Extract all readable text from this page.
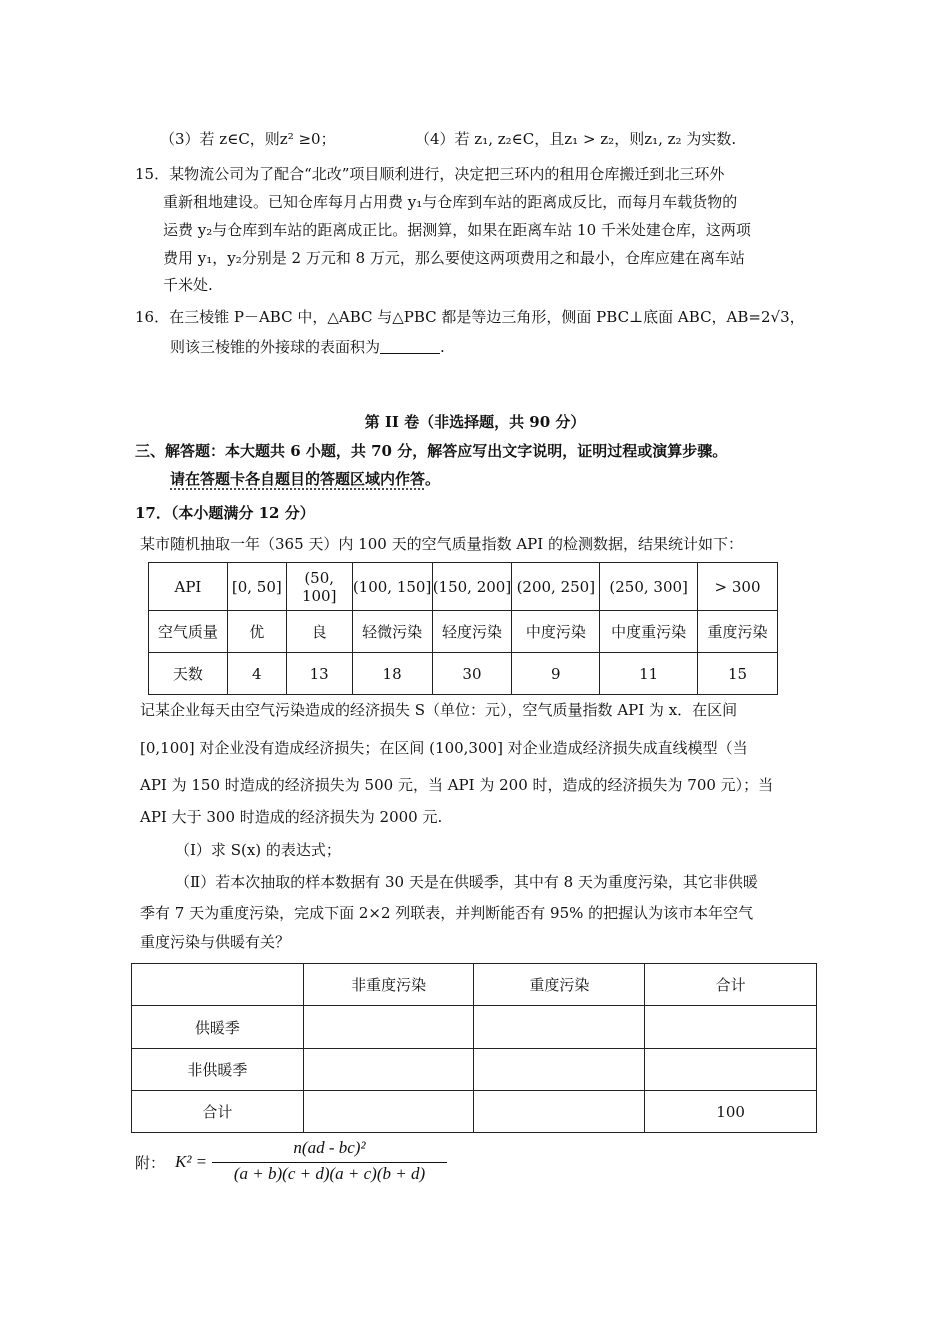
（3）若 z∈C，则z² ≥0；	（4）若 z₁, z₂∈C，且z₁ > z₂，则z₁, z₂ 为实数.
15．某物流公司为了配合“北改”项目顺利进行，决定把三环内的租用仓库搬迁到北三环外
重新租地建设。已知仓库每月占用费 y₁与仓库到车站的距离成反比，而每月车载货物的
运费 y₂与仓库到车站的距离成正比。据测算，如果在距离车站 10 千米处建仓库，这两项
费用 y₁，y₂分别是 2 万元和 8 万元，那么要使这两项费用之和最小，仓库应建在离车站
千米处.
16．在三棱锥 P－ABC 中，△ABC 与△PBC 都是等边三角形，侧面 PBC⊥底面 ABC，AB=2√3，
则该三棱锥的外接球的表面积为	.
第 II 卷（非选择题，共 90 分）
三、解答题：本大题共 6 小题，共 70 分，解答应写出文字说明，证明过程或演算步骤。
请在答题卡各自题目的答题区域内作答。
17．（本小题满分 12 分）
某市随机抽取一年（365 天）内 100 天的空气质量指数 API 的检测数据，结果统计如下：
API	[0, 50]	(50, 100]	(100, 150]	(150, 200]	(200, 250]	(250, 300]	> 300
空气质量	优	良	轻微污染	轻度污染	中度污染	中度重污染	重度污染
天数	4	13	18	30	9	11	15
记某企业每天由空气污染造成的经济损失 S（单位：元），空气质量指数 API 为 x．在区间
[0,100] 对企业没有造成经济损失；在区间 (100,300] 对企业造成经济损失成直线模型（当
API 为 150 时造成的经济损失为 500 元，当 API 为 200 时，造成的经济损失为 700 元）；当
API 大于 300 时造成的经济损失为 2000 元.
（Ⅰ）求 S(x) 的表达式；
（Ⅱ）若本次抽取的样本数据有 30 天是在供暖季，其中有 8 天为重度污染，其它非供暖
季有 7 天为重度污染，完成下面 2×2 列联表，并判断能否有 95% 的把握认为该市本年空气
重度污染与供暖有关？
	非重度污染	重度污染	合计
供暖季			
非供暖季			
合计			100
附： K² =
n(ad - bc)²
(a + b)(c + d)(a + c)(b + d)
